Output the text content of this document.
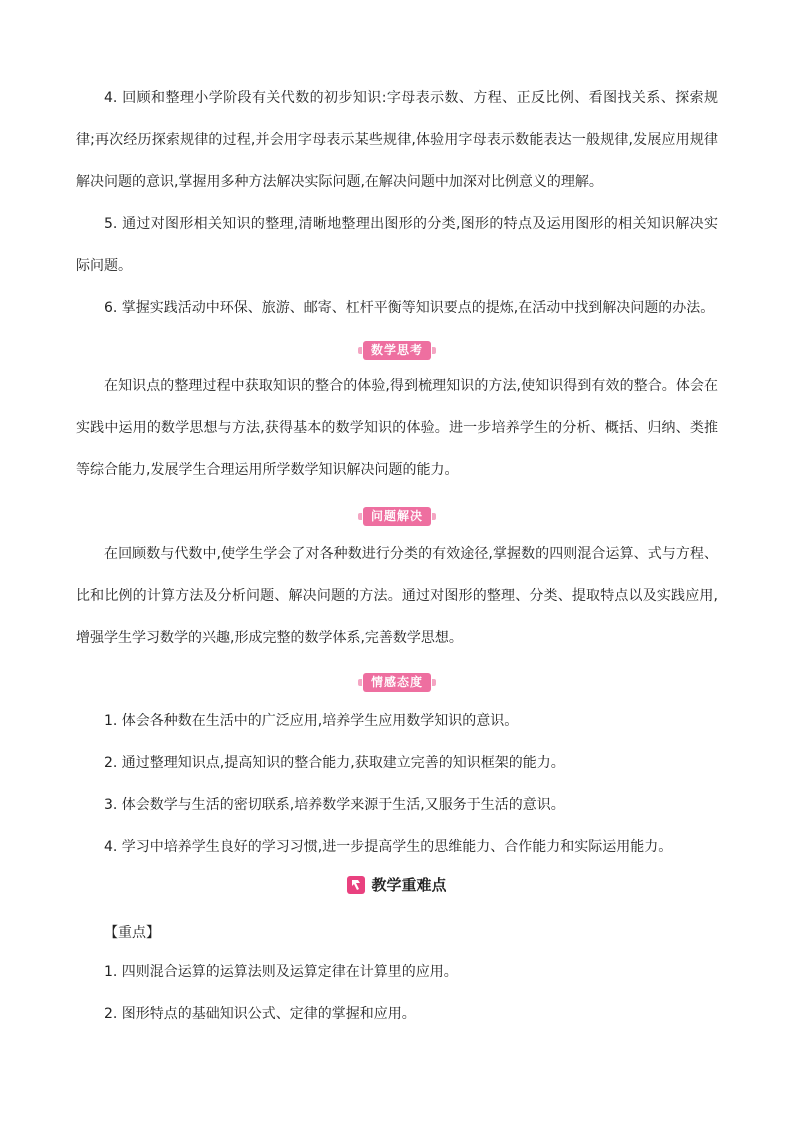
4. 回顾和整理小学阶段有关代数的初步知识:字母表示数、方程、正反比例、看图找关系、探索规律;再次经历探索规律的过程,并会用字母表示某些规律,体验用字母表示数能表达一般规律,发展应用规律解决问题的意识,掌握用多种方法解决实际问题,在解决问题中加深对比例意义的理解。

5. 通过对图形相关知识的整理,清晰地整理出图形的分类,图形的特点及运用图形的相关知识解决实际问题。

6. 掌握实践活动中环保、旅游、邮寄、杠杆平衡等知识要点的提炼,在活动中找到解决问题的办法。

数学思考

在知识点的整理过程中获取知识的整合的体验,得到梳理知识的方法,使知识得到有效的整合。体会在实践中运用的数学思想与方法,获得基本的数学知识的体验。进一步培养学生的分析、概括、归纳、类推等综合能力,发展学生合理运用所学数学知识解决问题的能力。

问题解决

在回顾数与代数中,使学生学会了对各种数进行分类的有效途径,掌握数的四则混合运算、式与方程、比和比例的计算方法及分析问题、解决问题的方法。通过对图形的整理、分类、提取特点以及实践应用,增强学生学习数学的兴趣,形成完整的数学体系,完善数学思想。

情感态度

1. 体会各种数在生活中的广泛应用,培养学生应用数学知识的意识。

2. 通过整理知识点,提高知识的整合能力,获取建立完善的知识框架的能力。

3. 体会数学与生活的密切联系,培养数学来源于生活,又服务于生活的意识。

4. 学习中培养学生良好的学习习惯,进一步提高学生的思维能力、合作能力和实际运用能力。

教学重难点
【重点】

1. 四则混合运算的运算法则及运算定律在计算里的应用。

2. 图形特点的基础知识公式、定律的掌握和应用。
